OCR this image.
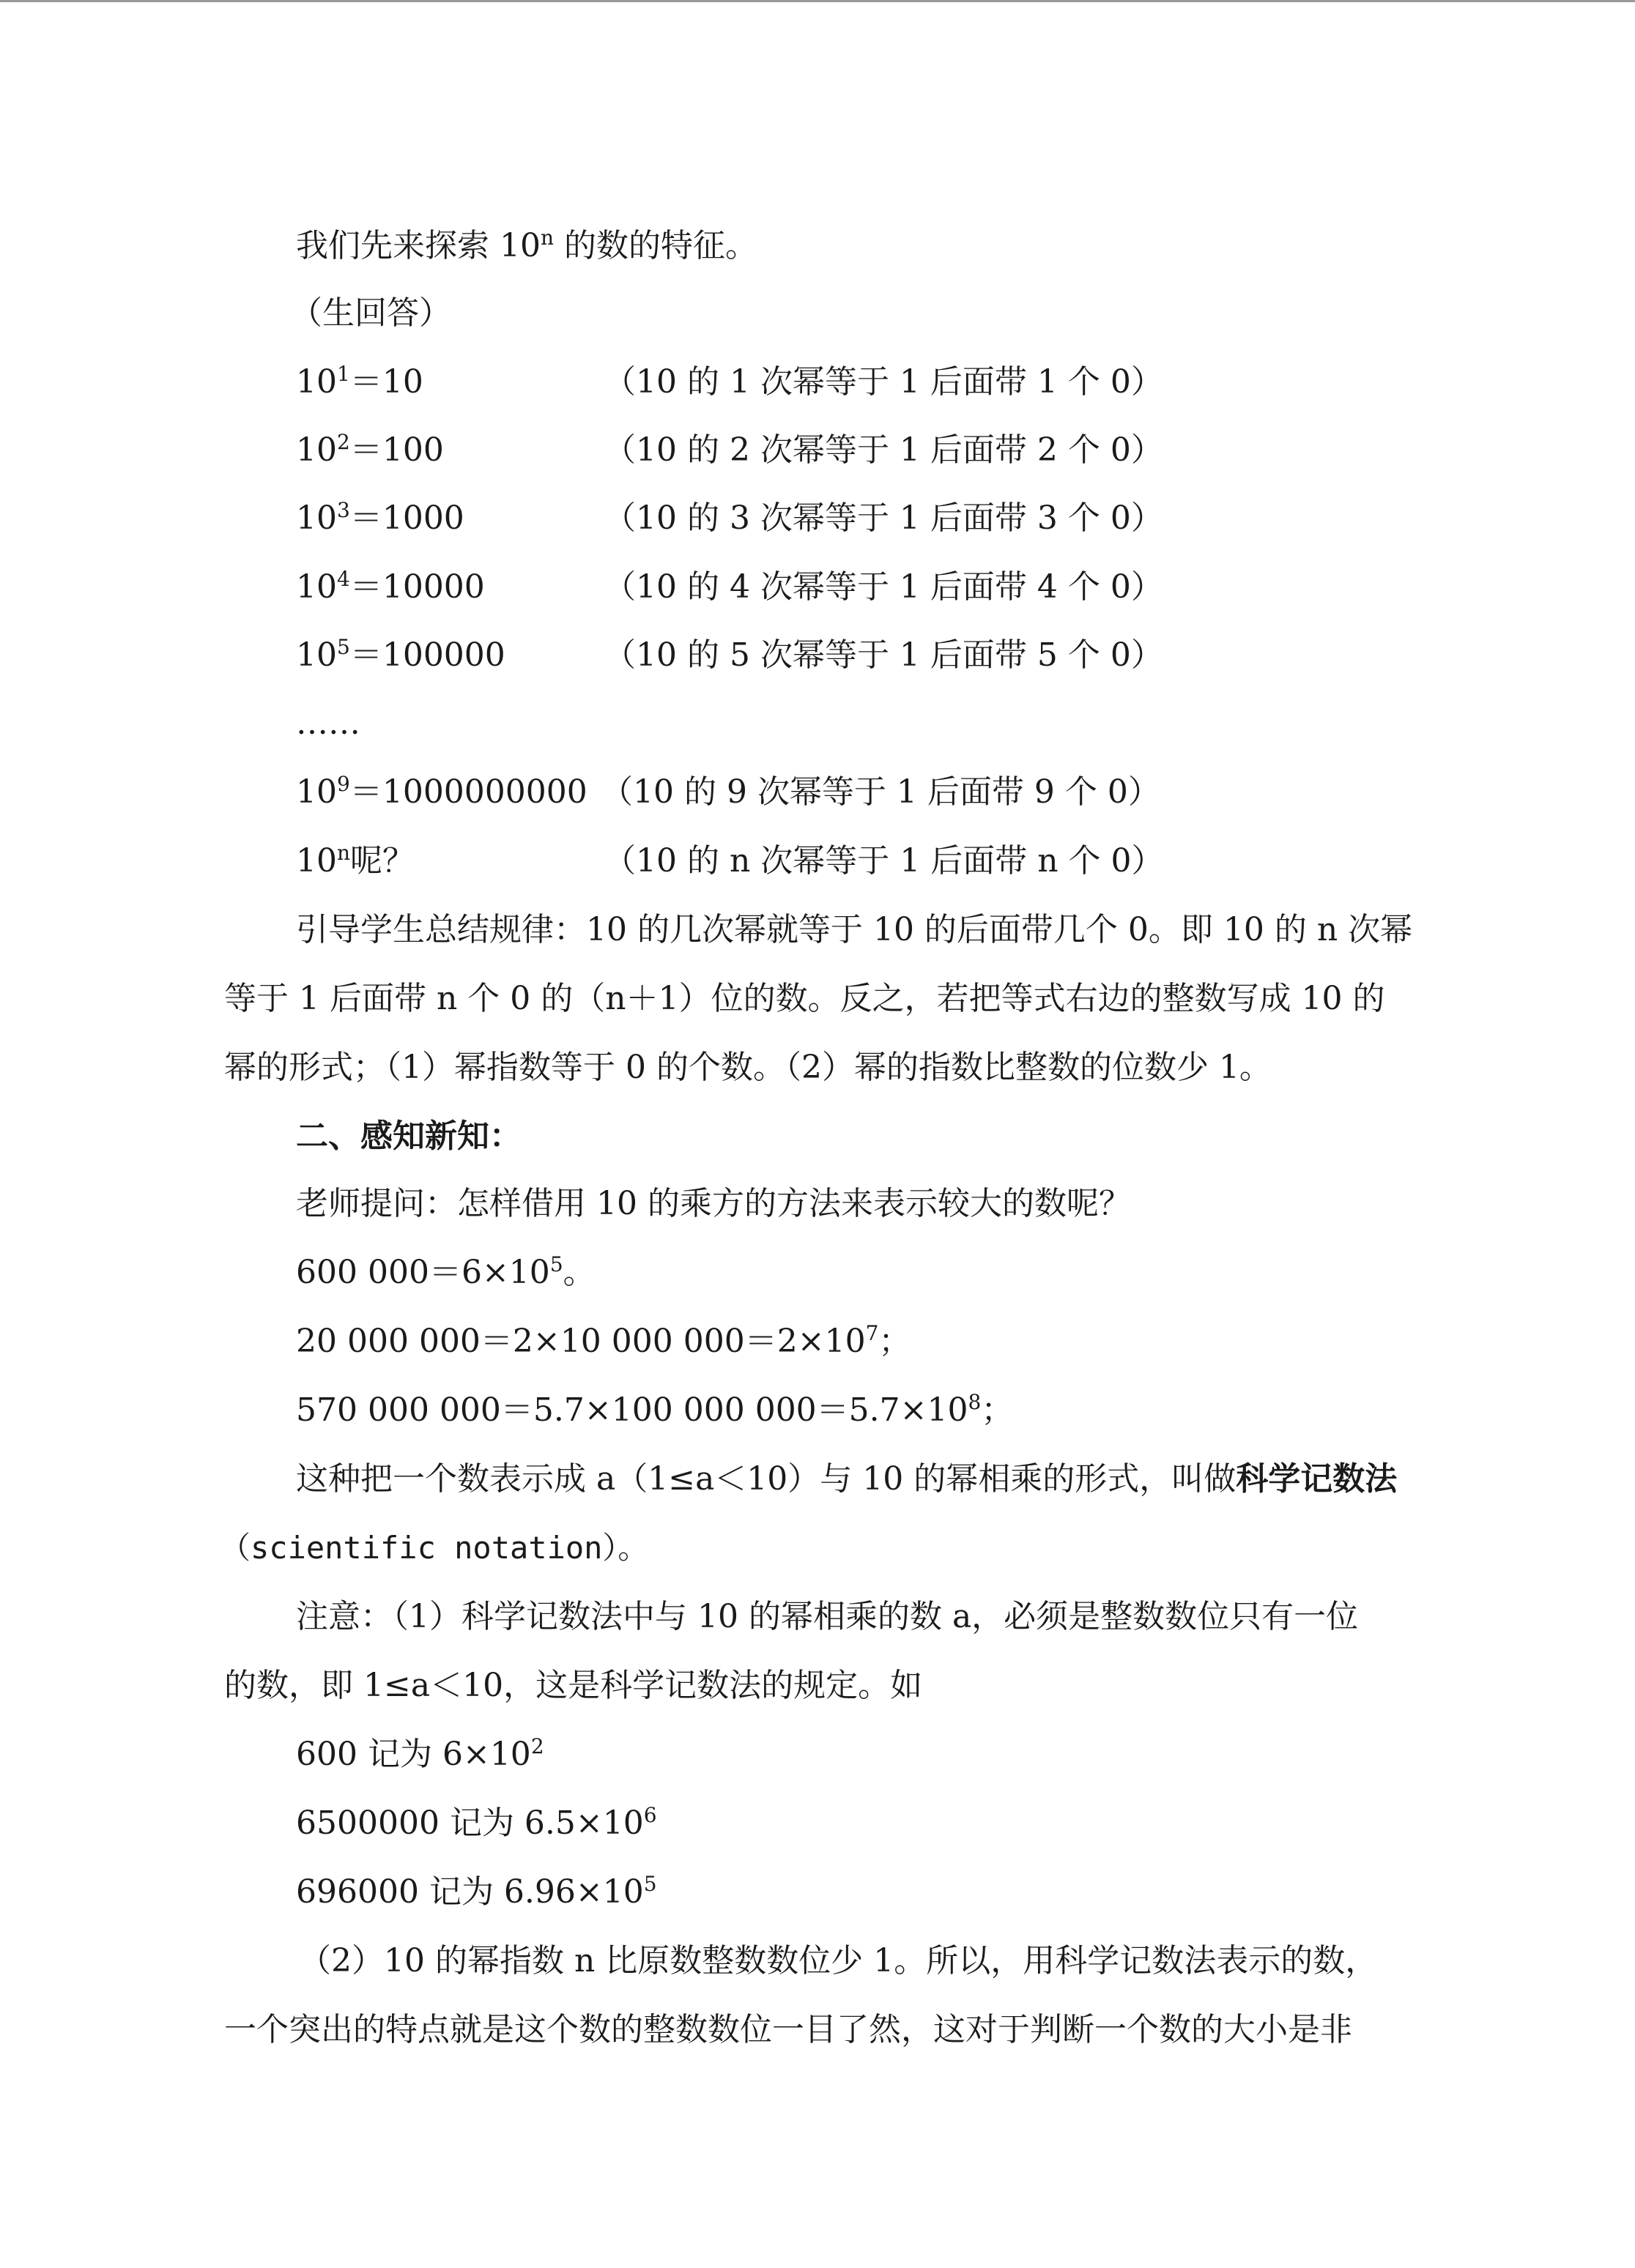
我们先来探索 10$^n$ 的数的特征。
（生回答）
$10^1=10$	（10 的 1 次幂等于 1 后面带 1 个 0）
$10^2=100$	（10 的 2 次幂等于 1 后面带 2 个 0）
$10^3=1000$	（10 的 3 次幂等于 1 后面带 3 个 0）
$10^4=10000$	（10 的 4 次幂等于 1 后面带 4 个 0）
$10^5=100000$	（10 的 5 次幂等于 1 后面带 5 个 0）
……
$10^9=1000000000$ （10 的 9 次幂等于 1 后面带 9 个 0）
10$^n$呢？	（10 的 n 次幂等于 1 后面带 n 个 0）
引导学生总结规律：10 的几次幂就等于 10 的后面带几个 0。即 10 的 n 次幂
等于 1 后面带 n 个 0 的（n＋1）位的数。反之，若把等式右边的整数写成 10 的
幂的形式；（1）幂指数等于 0 的个数。（2）幂的指数比整数的位数少 1。
二、感知新知：
老师提问：怎样借用 10 的乘方的方法来表示较大的数呢？
600 $000=6\times 10^5$。
20 000 000＝2×10 000 $000=2\times 10^7$；
570 000 000＝5.7×100 000 $000=5.7\times 10^8$；
这种把一个数表示成 a（1≤a＜10）与 10 的幂相乘的形式，叫做科学记数法
（scientific notation）。
注意：（1）科学记数法中与 10 的幂相乘的数 a，必须是整数数位只有一位
的数，即 1≤a＜10，这是科学记数法的规定。如
600 记为 $6\times 10^2$
6500000 记为 $6.5\times 10^6$
696000 记为 $6.96\times 10^5$
（2）10 的幂指数 n 比原数整数数位少 1。所以，用科学记数法表示的数，
一个突出的特点就是这个数的整数数位一目了然，这对于判断一个数的大小是非
